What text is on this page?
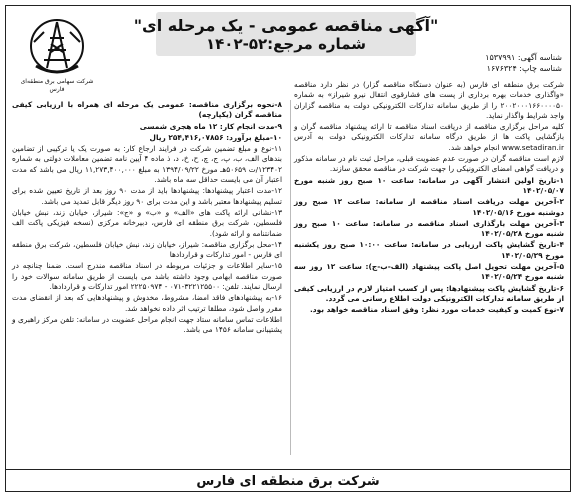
شرکت سهامی برق منطقه‌ای فارس
"آگهی مناقصه عمومی - یک مرحله ای"
شماره مرجع:۵۲-۱۴۰۲
شناسه آگهی: ۱۵۳۷۹۹۱
شناسه چاپ: ۱۶۷۶۳۲۴

شرکت برق منطقه ای فارس (به عنوان دستگاه مناقصه گزار) در نظر دارد مناقصه «واگذاری خدمات بهره برداری از پست های فشارقوی انتقال نیرو شیراز» به شماره ۲۰۰۲۰۰۰۱۶۶۰۰۰۰۵۰ را از طریق سامانه تدارکات الکترونیکی دولت به مناقصه گزاران واجد شرایط واگذار نماید.

کلیه مراحل برگزاری مناقصه از دریافت اسناد مناقصه تا ارائه پیشنهاد مناقصه گران و بازگشایی پاکت ها از طریق درگاه سامانه تدارکات الکترونیکی دولت به آدرس www.setadiran.ir انجام خواهد شد.

لازم است مناقصه گران در صورت عدم عضویت قبلی، مراحل ثبت نام در سامانه مذکور و دریافت گواهی امضای الکترونیکی را جهت شرکت در مناقصه محقق سازند.

۱-تاریخ اولین انتشار آگهی در سامانه: ساعت ۱۰ صبح روز شنبه مورخ ۱۴۰۲/۰۵/۰۷

۲-آخرین مهلت دریافت اسناد مناقصه از سامانه: ساعت ۱۲ صبح روز دوشنبه مورخ ۱۴۰۲/۰۵/۱۶

۳-آخرین مهلت بارگذاری اسناد مناقصه در سامانه: ساعت ۱۰ صبح روز شنبه مورخ ۱۴۰۲/۰۵/۲۸

۴-تاریخ گشایش پاکت ارزیابی در سامانه: ساعت ۱۰:۰۰ صبح روز یکشنبه مورخ ۱۴۰۲/۰۵/۲۹

۵-آخرین مهلت تحویل اصل پاکت پیشنهاد (الف-ب-ج): ساعت ۱۲ روز سه شنبه مورخ ۱۴۰۲/۰۵/۲۴

۶-تاریخ گشایش پاکت پیشنهادها: پس از کسب امتیاز لازم در ارزیابی کیفی از طریق سامانه تدارکات الکترونیکی دولت اطلاع رسانی می گردد.

۷-نوع کمیت و کیفیت خدمات مورد نظر: وفق اسناد مناقصه خواهد بود.

۸-نحوه برگزاری مناقصه: عمومی یک مرحله ای همراه با ارزیابی کیفی مناقصه گران (یکپارچه)

۹-مدت انجام کار: ۱۲ ماه هجری شمسی

۱۰-مبلغ برآورد: ۲۵۴,۴۱۶,۰۷۸۵۶ ریال

۱۱-نوع و مبلغ تضمین شرکت در فرایند ارجاع کار: به صورت یک یا ترکیبی از تضامین بندهای الف، ب، پ، ج، چ، ح، خ، د، ذ ماده ۴ آیین نامه تضمین معاملات دولتی به شماره ۱۲۳۴۰۲/ت ۵۰۶۵۹هـ مورخ ۱۳۹۴/۰۹/۲۲ به مبلغ ۱۱,۲۷۳,۴۰۰,۰۰۰ ریال می باشد که مدت اعتبار آن می بایست حداقل سه ماه باشد.

۱۲-مدت اعتبار پیشنهادها: پیشنهادها باید از مدت ۹۰ روز بعد از تاریخ تعیین شده برای تسلیم پیشنهادها معتبر باشد و این مدت برای ۹۰ روز دیگر قابل تمدید می باشد.

۱۳-نشانی ارائه پاکت های «الف» و «ب» و «ج»: شیراز، خیابان زند، نبش خیابان فلسطین، شرکت برق منطقه ای فارس، دبیرخانه مرکزی (نسخه فیزیکی پاکت الف ضمانتنامه و ارائه شود).

۱۴-محل برگزاری مناقصه: شیراز، خیابان زند، نبش خیابان فلسطین، شرکت برق منطقه ای فارس - امور تدارکات و قراردادها

۱۵-سایر اطلاعات و جزئیات مربوطه در اسناد مناقصه مندرج است. ضمنا چنانچه در صورت مناقصه ابهامی وجود داشته باشد می بایست از طریق سامانه سوالات خود را ارسال نمایند. تلفن: ۳۲۲۱۲۵۵۰۰-۰۷۱ - ۲۲۲۵۰۹۷۴ امور تدارکات و قراردادها.

۱۶-به پیشنهادهای فاقد امضا، مشروط، مخدوش و پیشنهادهایی که بعد از انقضای مدت مقرر واصل شود، مطلقا ترتیب اثر داده نخواهد شد.

اطلاعات تماس سامانه ستاد جهت انجام مراحل عضویت در سامانه: تلفن مرکز راهبری و پشتیبانی سامانه ۱۴۵۶ می باشد.

شرکت برق منطقه ای فارس
